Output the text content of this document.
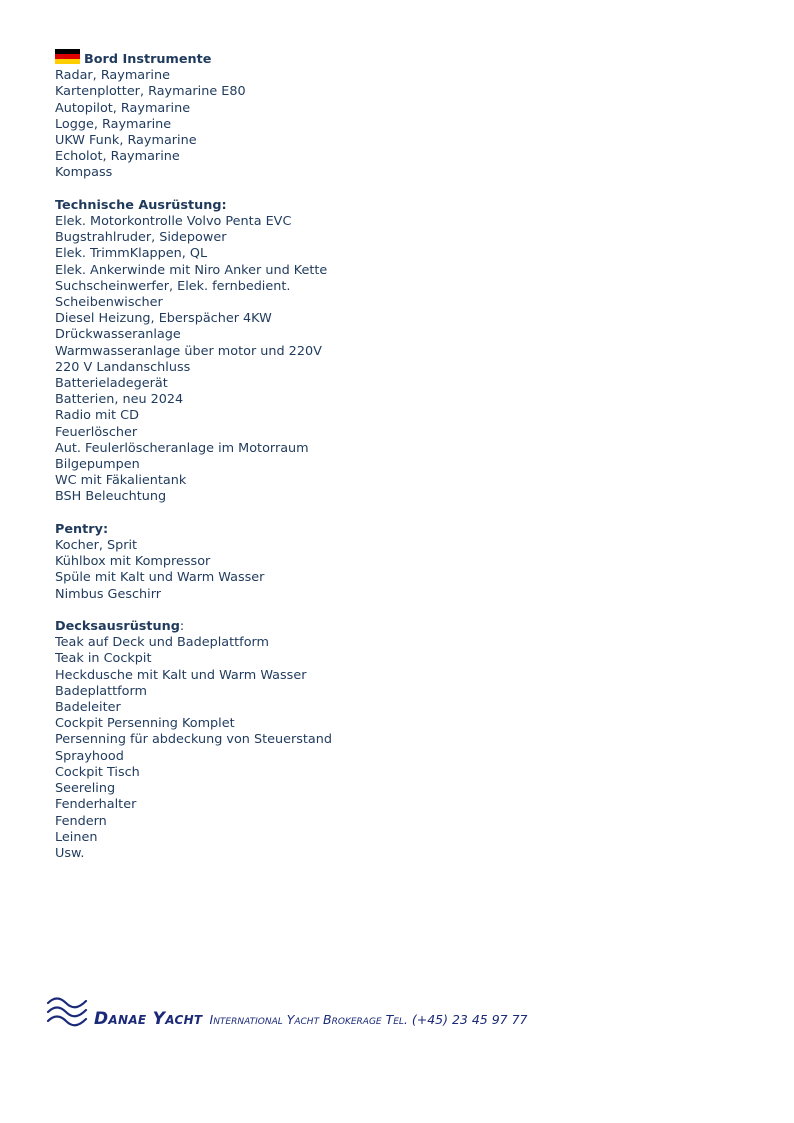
Bord Instrumente
Radar, Raymarine
Kartenplotter, Raymarine E80
Autopilot, Raymarine
Logge, Raymarine
UKW Funk, Raymarine
Echolot, Raymarine
Kompass
Technische Ausrüstung:
Elek. Motorkontrolle Volvo Penta EVC
Bugstrahlruder, Sidepower
Elek. TrimmKlappen, QL
Elek. Ankerwinde mit Niro Anker und Kette
Suchscheinwerfer, Elek. fernbedient.
Scheibenwischer
Diesel Heizung, Eberspächer 4KW
Drückwasseranlage
Warmwasseranlage über motor und 220V
220 V Landanschluss
Batterieladegerät
Batterien, neu 2024
Radio mit CD
Feuerlöscher
Aut. Feulerlöscheranlage im Motorraum
Bilgepumpen
WC mit Fäkalientank
BSH Beleuchtung
Pentry:
Kocher, Sprit
Kühlbox mit Kompressor
Spüle mit Kalt und Warm Wasser
Nimbus Geschirr
Decksausrüstung:
Teak auf Deck und Badeplattform
Teak in Cockpit
Heckdusche mit Kalt und Warm Wasser
Badeplattform
Badeleiter
Cockpit Persenning Komplet
Persenning für abdeckung von Steuerstand
Sprayhood
Cockpit Tisch
Seereling
Fenderhalter
Fendern
Leinen
Usw.
Danae Yacht International Yacht Brokerage Tel. (+45) 23 45 97 77
